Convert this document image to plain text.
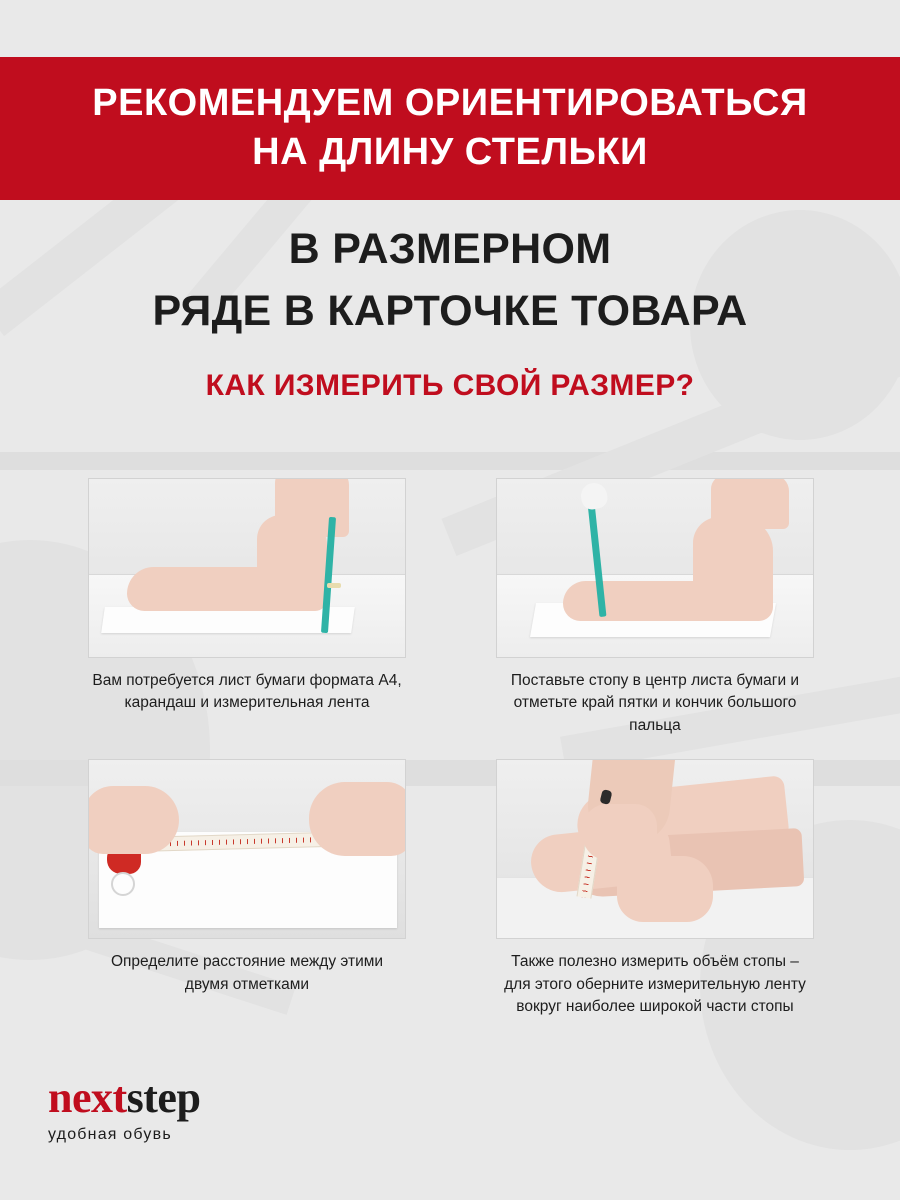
РЕКОМЕНДУЕМ ОРИЕНТИРОВАТЬСЯ
НА ДЛИНУ СТЕЛЬКИ
В РАЗМЕРНОМ
РЯДЕ В КАРТОЧКЕ ТОВАРА
КАК ИЗМЕРИТЬ СВОЙ РАЗМЕР?
Вам потребуется лист бумаги формата А4, карандаш и измерительная лента
Поставьте стопу в центр листа бумаги и отметьте край пятки и кончик большого пальца
Определите расстояние между этими двумя отметками
Также полезно измерить объём стопы – для этого оберните измерительную ленту вокруг наиболее широкой части стопы
nextstep
удобная обувь
